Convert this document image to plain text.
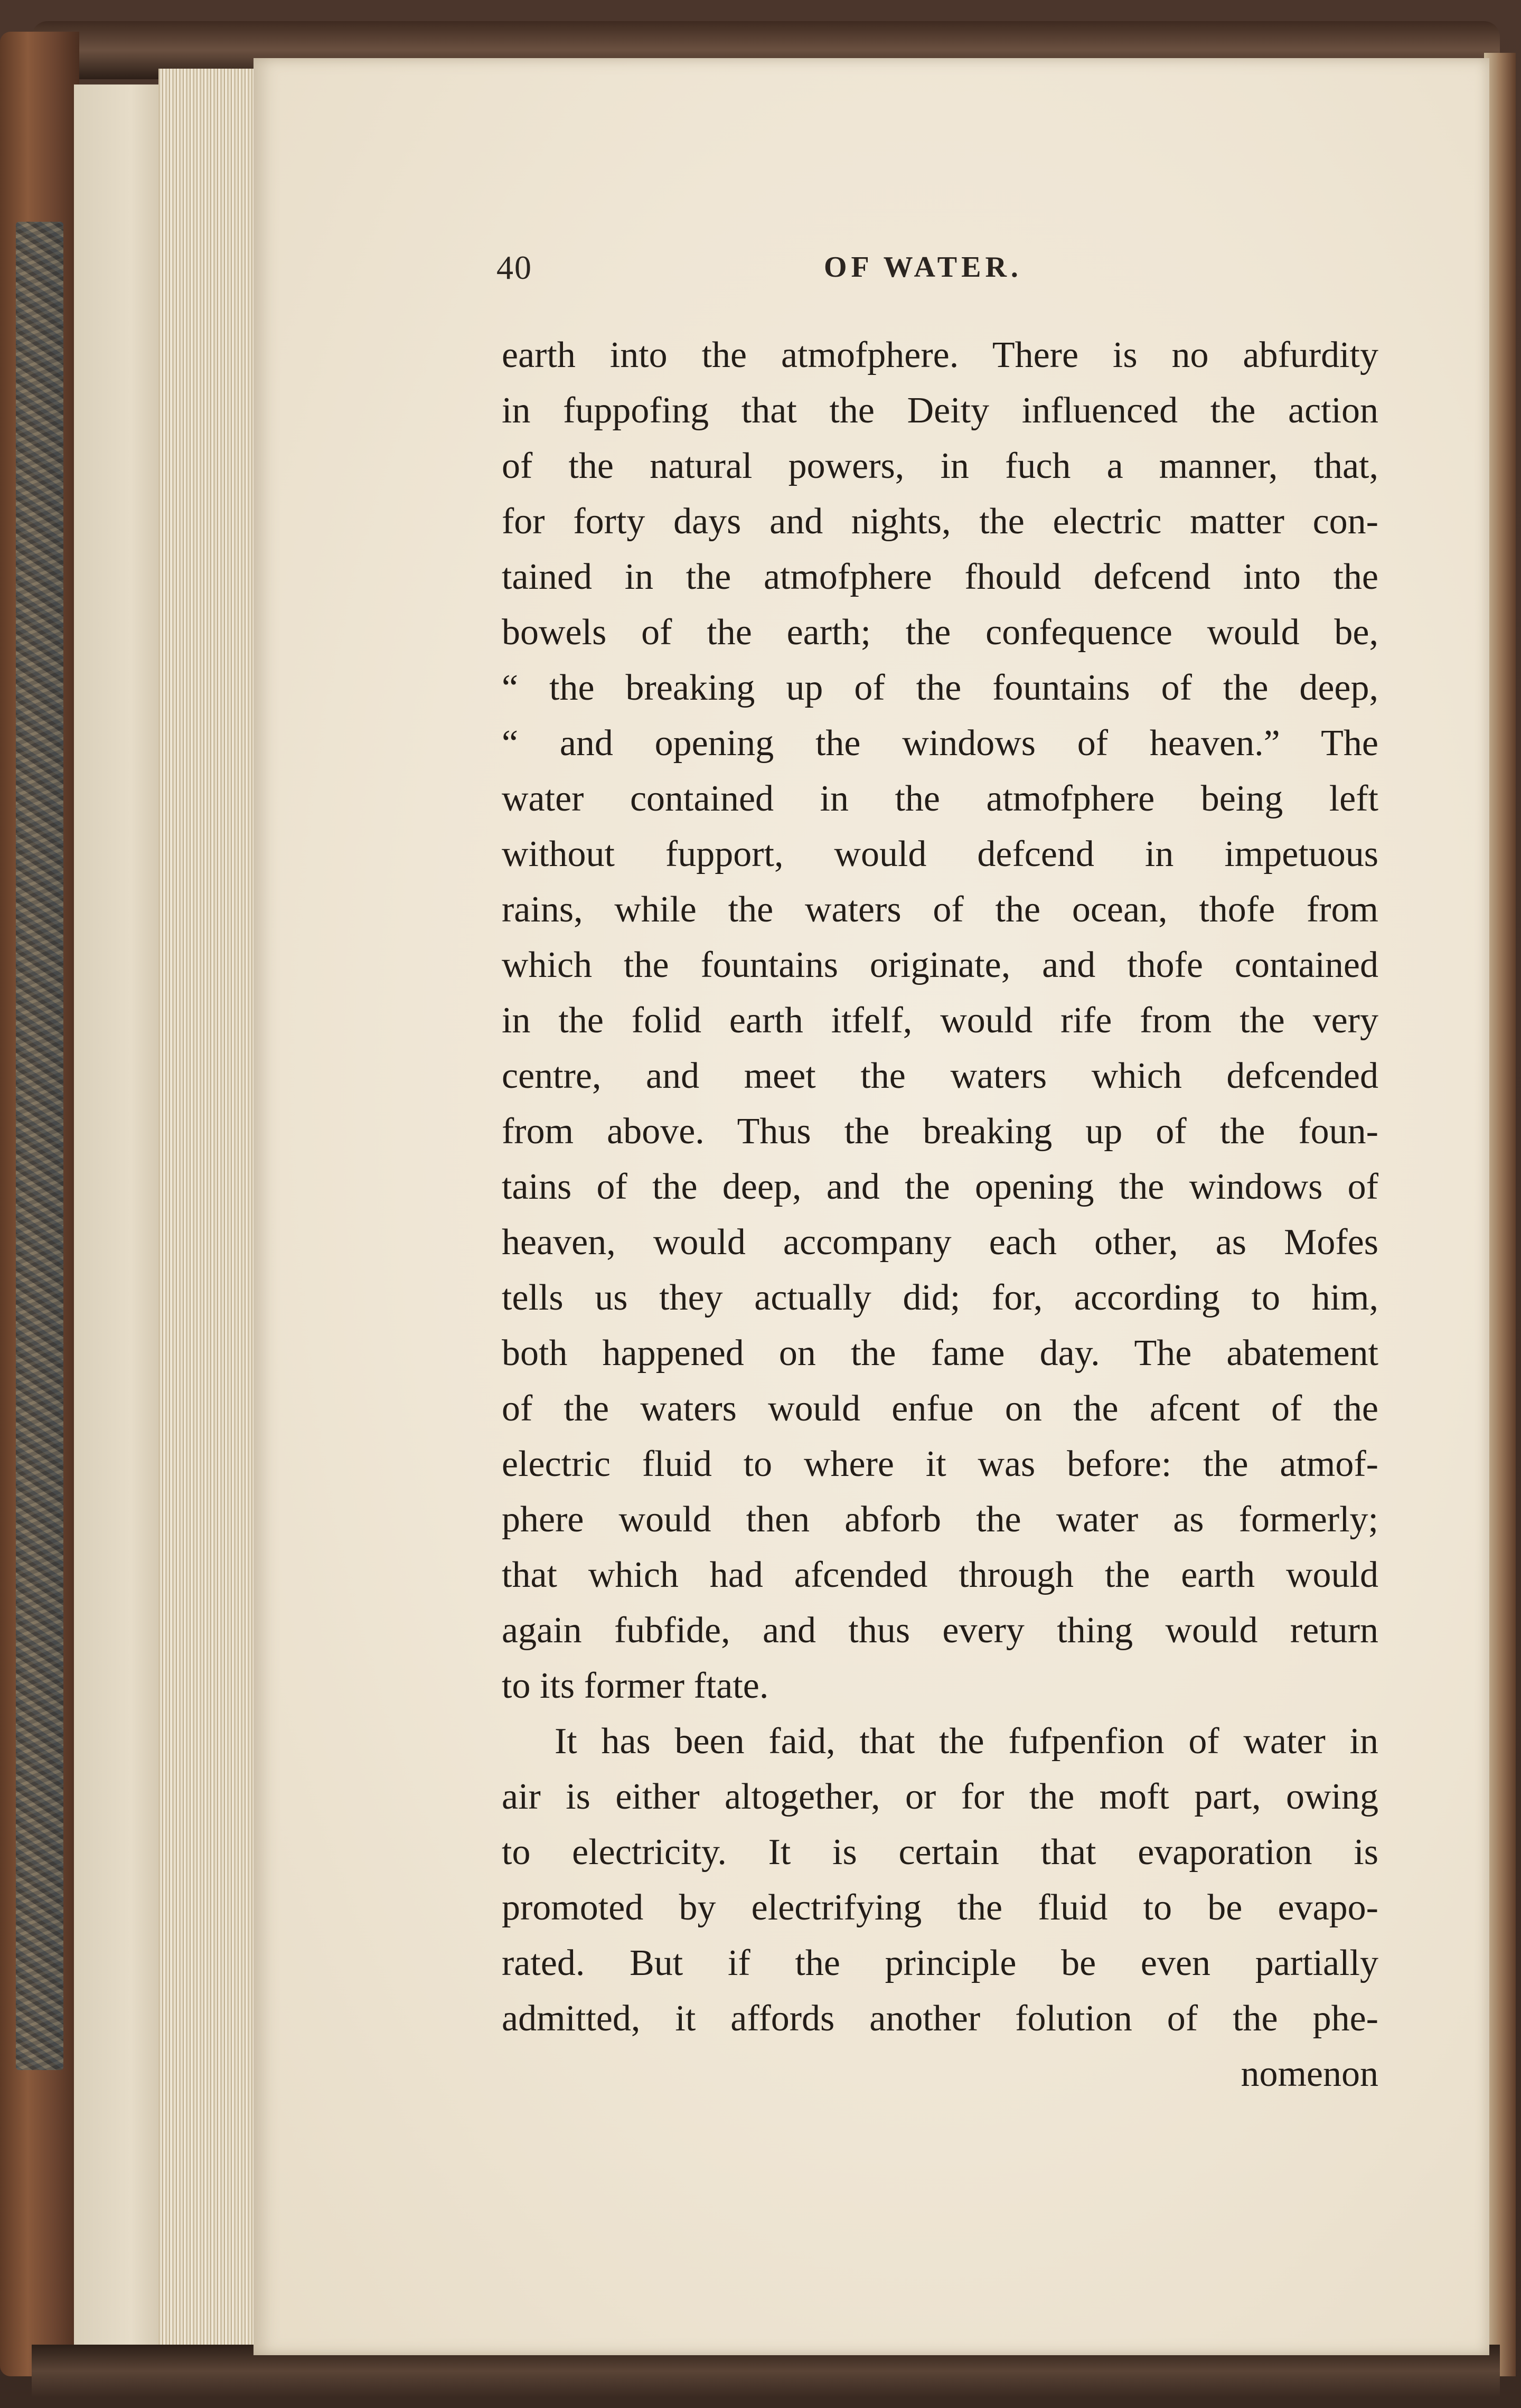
40	OF WATER.
earth into the atmofphere. There is no abfurdity
in fuppofing that the Deity influenced the action
of the natural powers, in fuch a manner, that,
for forty days and nights, the electric matter con-
tained in the atmofphere fhould defcend into the
bowels of the earth; the confequence would be,
“ the breaking up of the fountains of the deep,
“ and opening the windows of heaven.” The
water contained in the atmofphere being left
without fupport, would defcend in impetuous
rains, while the waters of the ocean, thofe from
which the fountains originate, and thofe contained
in the folid earth itfelf, would rife from the very
centre, and meet the waters which defcended
from above. Thus the breaking up of the foun-
tains of the deep, and the opening the windows of
heaven, would accompany each other, as Mofes
tells us they actually did; for, according to him,
both happened on the fame day. The abatement
of the waters would enfue on the afcent of the
electric fluid to where it was before: the atmof-
phere would then abforb the water as formerly;
that which had afcended through the earth would
again fubfide, and thus every thing would return
to its former ftate.
It has been faid, that the fufpenfion of water in
air is either altogether, or for the moft part, owing
to electricity. It is certain that evaporation is
promoted by electrifying the fluid to be evapo-
rated. But if the principle be even partially
admitted, it affords another folution of the phe-
nomenon
